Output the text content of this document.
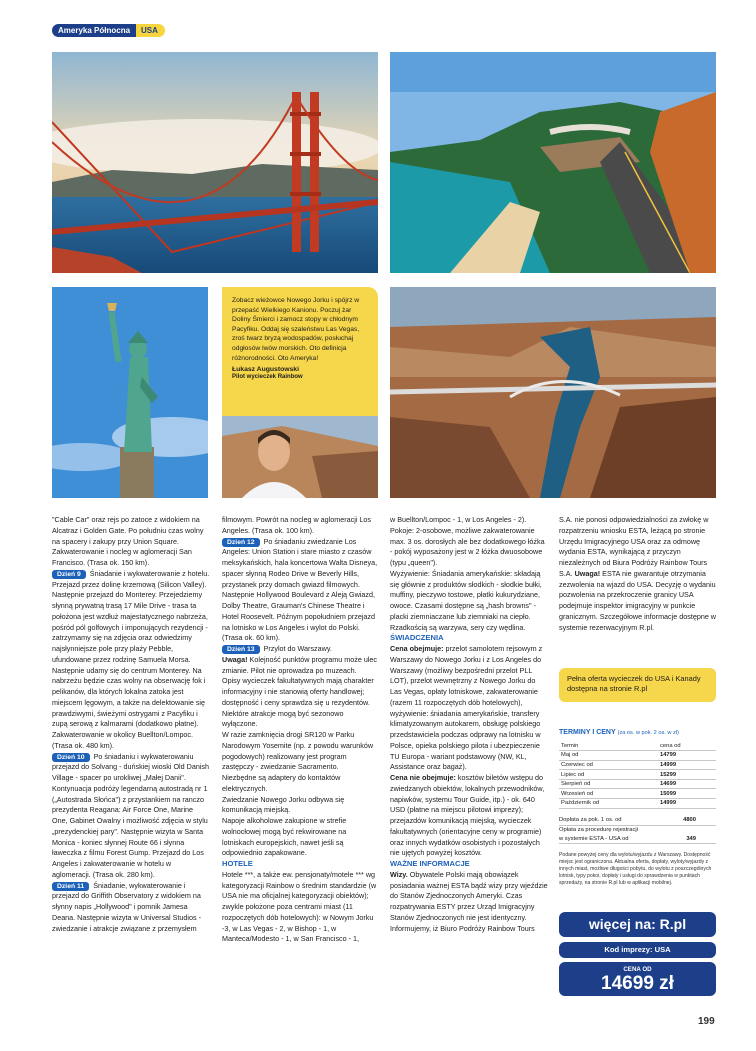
Ameryka Północna	USA

Zobacz wieżowce Nowego Jorku i spójrz w przepaść Wielkiego Kanionu. Poczuj żar Doliny Śmierci i zamocz stopy w chłodnym Pacyfiku. Oddaj się szaleństwu Las Vegas, zroś twarz bryzą wodospadów, posłuchaj odgłosów lwów morskich. Oto definicja różnorodności. Oto Ameryka!

Łukasz Augustowski

Pilot wycieczek Rainbow

"Cable Car" oraz rejs po zatoce z widokiem na Alcatraz i Golden Gate. Po południu czas wolny na spacery i zakupy przy Union Square. Zakwaterowanie i nocleg w aglomeracji San Francisco. (Trasa ok. 150 km).

Dzień 9 Śniadanie i wykwaterowanie z hotelu. Przejazd przez dolinę krzemową (Silicon Valley). Następnie przejazd do Monterey. Przejedziemy słynną prywatną trasą 17 Mile Drive - trasa ta położona jest wzdłuż majestatycznego nabrzeża, pośród pól golfowych i imponujących rezydencji - zatrzymamy się na zdjęcia oraz odwiedzimy najsłynniejsze pole przy plaży Pebble, ufundowane przez rodzinę Samuela Morsa. Następnie udamy się do centrum Monterey. Na nabrzeżu będzie czas wolny na obserwację fok i pelikanów, dla których lokalna zatoka jest miejscem lęgowym, a także na delektowanie się prawdziwymi, świeżymi ostrygami z Pacyfiku i zupą serową z kalmarami (dodatkowo płatne). Zakwaterowanie w okolicy Buellton/Lompoc. (Trasa ok. 480 km).

Dzień 10 Po śniadaniu i wykwaterowaniu przejazd do Solvang - duńskiej wioski Old Danish Village - spacer po urokliwej „Małej Danii". Kontynuacja podróży legendarną autostradą nr 1 („Autostrada Słońca") z przystankiem na ranczo prezydenta Reagana: Air Force One, Marine One, Gabinet Owalny i możliwość zdjęcia w stylu „prezydenckiej pary". Następnie wizyta w Santa Monica - koniec słynnej Route 66 i słynna ławeczka z filmu Forest Gump. Przejazd do Los Angeles i zakwaterowanie w hotelu w aglomeracji. (Trasa ok. 280 km).

Dzień 11 Śniadanie, wykwaterowanie i przejazd do Griffith Observatory z widokiem na słynny napis „Hollywood" i pomnik Jamesa Deana. Następnie wizyta w Universal Studios - zwiedzanie i atrakcje związane z przemysłem

filmowym. Powrót na nocleg w aglomeracji Los Angeles. (Trasa ok. 100 km).

Dzień 12 Po śniadaniu zwiedzanie Los Angeles: Union Station i stare miasto z czasów meksykańskich, hala koncertowa Walta Disneya, spacer słynną Rodeo Drive w Beverly Hills, przystanek przy domach gwiazd filmowych. Następnie Hollywood Boulevard z Aleją Gwiazd, Dolby Theatre, Grauman's Chinese Theatre i Hotel Roosevelt. Późnym popołudniem przejazd na lotnisko w Los Angeles i wylot do Polski. (Trasa ok. 60 km).

Dzień 13 Przylot do Warszawy.

Uwaga! Kolejność punktów programu może ulec zmianie. Pilot nie oprowadza po muzeach.

Opisy wycieczek fakultatywnych mają charakter informacyjny i nie stanowią oferty handlowej; dostępność i ceny sprawdza się u rezydentów. Niektóre atrakcje mogą być sezonowo wyłączone.

W razie zamknięcia drogi SR120 w Parku Narodowym Yosemite (np. z powodu warunków pogodowych) realizowany jest program zastępczy - zwiedzanie Sacramento.

Niezbędne są adaptery do kontaktów elektrycznych.

Zwiedzanie Nowego Jorku odbywa się komunikacją miejską.

Napoje alkoholowe zakupione w strefie wolnocłowej mogą być rekwirowane na lotniskach europejskich, nawet jeśli są odpowiednio zapakowane.

HOTELE

Hotele ***, a także ew. pensjonaty/motele *** wg kategoryzacji Rainbow o średnim standardzie (w USA nie ma oficjalnej kategoryzacji obiektów); zwykle położone poza centrami miast (11 rozpoczętych dób hotelowych): w Nowym Jorku -3, w Las Vegas - 2, w Bishop - 1, w Manteca/Modesto - 1, w San Francisco - 1,

w Buellton/Lompoc - 1, w Los Angeles - 2). Pokoje: 2-osobowe, możliwe zakwaterowanie max. 3 os. dorosłych ale bez dodatkowego łóżka - pokój wyposażony jest w 2 łóżka dwuosobowe (typu „queen").

Wyżywienie: Śniadania amerykańskie: składają się głównie z produktów słodkich - słodkie bułki, muffiny, pieczywo tostowe, płatki kukurydziane, owoce. Czasami dostępne są „hash browns" - placki ziemniaczane lub ziemniaki na ciepło. Rzadkością są warzywa, sery czy wędlina.

ŚWIADCZENIA

Cena obejmuje: przelot samolotem rejsowym z Warszawy do Nowego Jorku i z Los Angeles do Warszawy (możliwy bezpośredni przelot PLL LOT), przelot wewnętrzny z Nowego Jorku do Las Vegas, opłaty lotniskowe, zakwaterowanie (razem 11 rozpoczętych dób hotelowych), wyżywienie: śniadania amerykańskie, transfery klimatyzowanym autokarem, obsługę polskiego przedstawiciela podczas odprawy na lotnisku w Polsce, opieka polskiego pilota i ubezpieczenie TU Europa - wariant podstawowy (NW, KL, Assistance oraz bagaż).

Cena nie obejmuje: kosztów biletów wstępu do zwiedzanych obiektów, lokalnych przewodników, napiwków, systemu Tour Guide, itp.) - ok. 640 USD (płatne na miejscu pilotowi imprezy); przejazdów komunikacją miejską, wycieczek fakultatywnych (orientacyjne ceny w programie) oraz innych wydatków osobistych i pozostałych nie ujętych powyżej kosztów.

WAŻNE INFORMACJE

Wizy. Obywatele Polski mają obowiązek posiadania ważnej ESTA bądź wizy przy wjeździe do Stanów Zjednoczonych Ameryki. Czas rozpatrywania ESTY przez Urząd Imigracyjny Stanów Zjednoczonych nie jest identyczny. Informujemy, iż Biuro Podróży Rainbow Tours

S.A. nie ponosi odpowiedzialności za zwłokę w rozpatrzeniu wniosku ESTA, leżącą po stronie Urzędu Imigracyjnego USA oraz za odmowę wydania ESTA, wynikającą z przyczyn niezależnych od Biura Podróży Rainbow Tours S.A. Uwaga! ESTA nie gwarantuje otrzymania zezwolenia na wjazd do USA. Decyzję o wydaniu pozwolenia na przekroczenie granicy USA podejmuje inspektor imigracyjny w punkcie granicznym. Szczegółowe informacje dostępne w systemie rezerwacyjnym R.pl.

Pełna oferta wycieczek do USA i Kanady dostępna na stronie R.pl
TERMINY I CENY (za os. w pok. 2 os. w zł)
Termin	cena od
Maj od	14799
Czerwiec od	14999
Lipiec od	15299
Sierpień od	14699
Wrzesień od	15099
Październik od	14999
Dopłata za pok. 1 os. od	4800
Opłata za procedurę rejestracji
w systemie ESTA - USA od	349
Podane powyżej ceny dla wylotu/wyjazdu z Warszawy. Dostępność miejsc jest ograniczona. Aktualna oferta, dopłaty, wyloty/wyjazdy z innych miast, możliwe długości pobytu, do wylotu z poszczególnych lotnisk, typy pokoi, dopłaty i usługi do sprawdzenia w punktach sprzedaży, na stronie R.pl lub w aplikacji mobilnej.
więcej na: R.pl
Kod imprezy: USA
CENA OD
14699 zł
199
